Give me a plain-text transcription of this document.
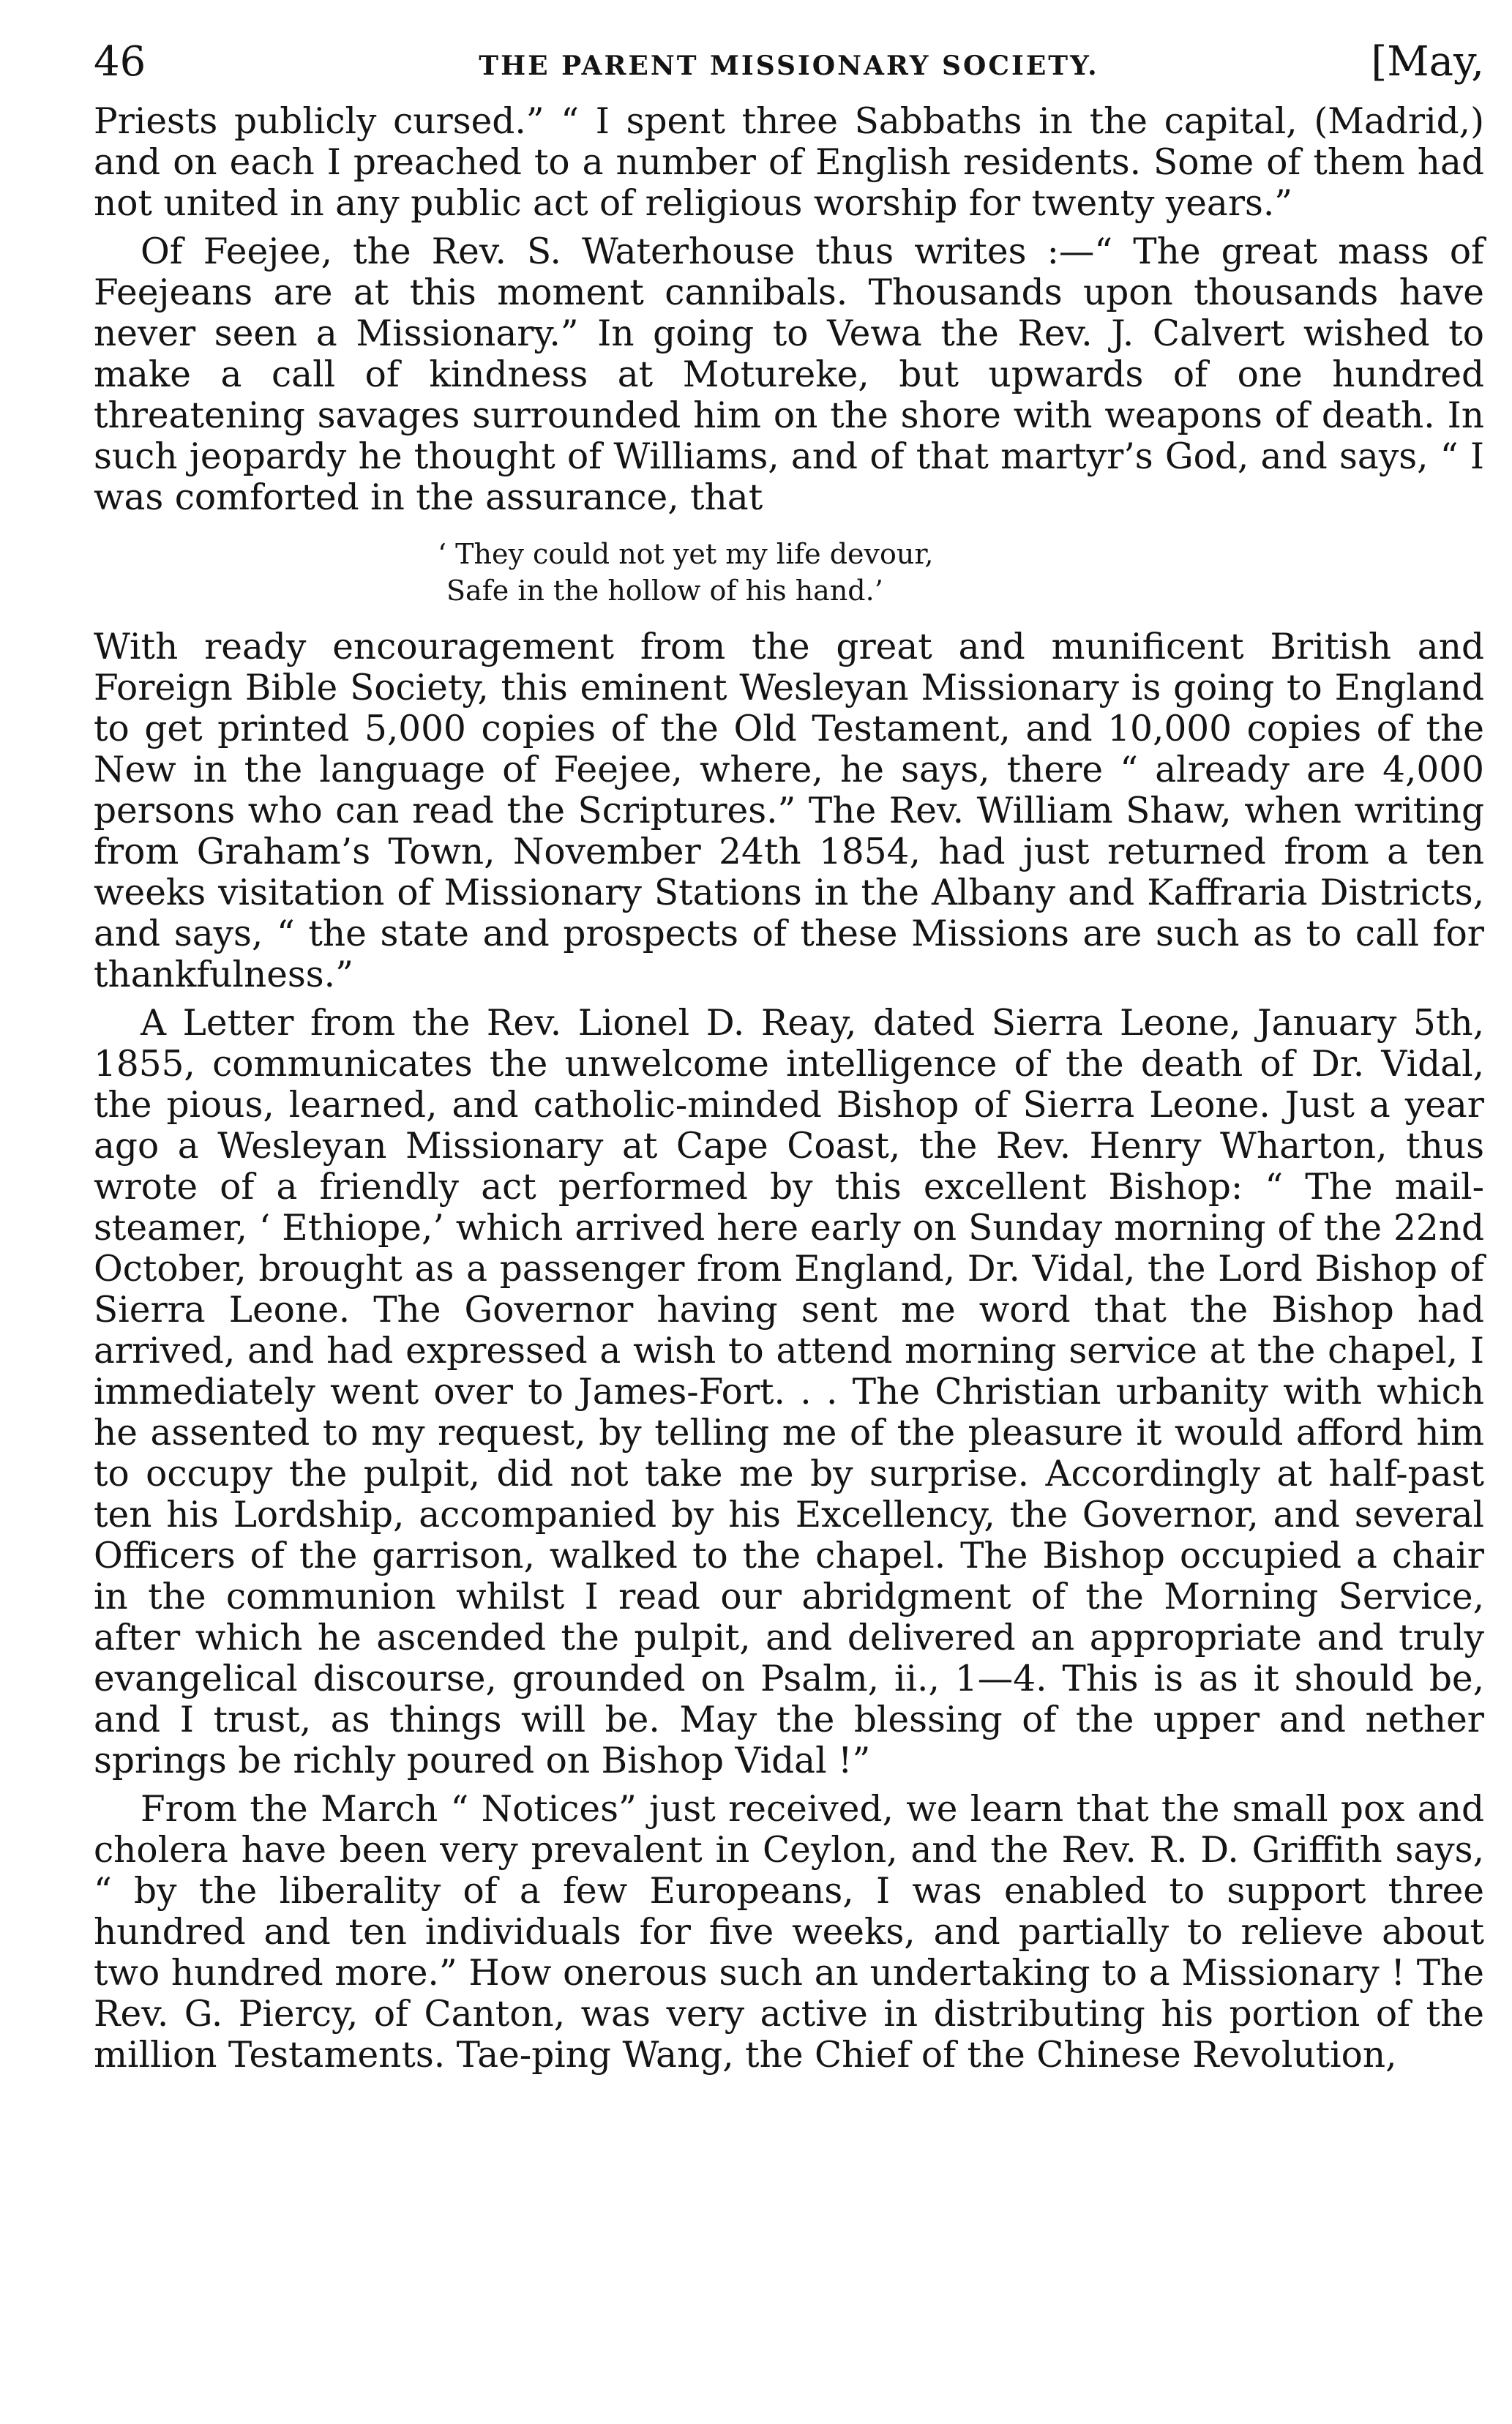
46	THE PARENT MISSIONARY SOCIETY.	[May,

Priests publicly cursed.” “ I spent three Sabbaths in the capital, (Madrid,) and on each I preached to a number of English residents. Some of them had not united in any public act of religious worship for twenty years.”

Of Feejee, the Rev. S. Waterhouse thus writes :—“ The great mass of Feejeans are at this moment cannibals. Thousands upon thousands have never seen a Missionary.” In going to Vewa the Rev. J. Calvert wished to make a call of kindness at Motureke, but upwards of one hundred threatening savages surrounded him on the shore with weapons of death. In such jeopardy he thought of Williams, and of that martyr’s God, and says, “ I was comforted in the assurance, that

‘ They could not yet my life devour,
Safe in the hollow of his hand.’

With ready encouragement from the great and munificent British and Foreign Bible Society, this eminent Wesleyan Missionary is going to England to get printed 5,000 copies of the Old Testament, and 10,000 copies of the New in the language of Feejee, where, he says, there “ already are 4,000 persons who can read the Scriptures.” The Rev. William Shaw, when writing from Graham’s Town, November 24th 1854, had just returned from a ten weeks visitation of Missionary Stations in the Albany and Kaffraria Districts, and says, “ the state and prospects of these Missions are such as to call for thankfulness.”

A Letter from the Rev. Lionel D. Reay, dated Sierra Leone, January 5th, 1855, communicates the unwelcome intelligence of the death of Dr. Vidal, the pious, learned, and catholic-minded Bishop of Sierra Leone. Just a year ago a Wesleyan Missionary at Cape Coast, the Rev. Henry Wharton, thus wrote of a friendly act performed by this excellent Bishop: “ The mail-steamer, ‘ Ethiope,’ which arrived here early on Sunday morning of the 22nd October, brought as a passenger from England, Dr. Vidal, the Lord Bishop of Sierra Leone. The Governor having sent me word that the Bishop had arrived, and had expressed a wish to attend morning service at the chapel, I immediately went over to James-Fort. . . The Christian urbanity with which he assented to my request, by telling me of the pleasure it would afford him to occupy the pulpit, did not take me by surprise. Accordingly at half-past ten his Lordship, accompanied by his Excellency, the Governor, and several Officers of the garrison, walked to the chapel. The Bishop occupied a chair in the communion whilst I read our abridgment of the Morning Service, after which he ascended the pulpit, and delivered an appropriate and truly evangelical discourse, grounded on Psalm, ii., 1—4. This is as it should be, and I trust, as things will be. May the blessing of the upper and nether springs be richly poured on Bishop Vidal !”

From the March “ Notices” just received, we learn that the small pox and cholera have been very prevalent in Ceylon, and the Rev. R. D. Griffith says, “ by the liberality of a few Europeans, I was enabled to support three hundred and ten individuals for five weeks, and partially to relieve about two hundred more.” How onerous such an undertaking to a Missionary ! The Rev. G. Piercy, of Canton, was very active in distributing his portion of the million Testaments. Tae-ping Wang, the Chief of the Chinese Revolution,
